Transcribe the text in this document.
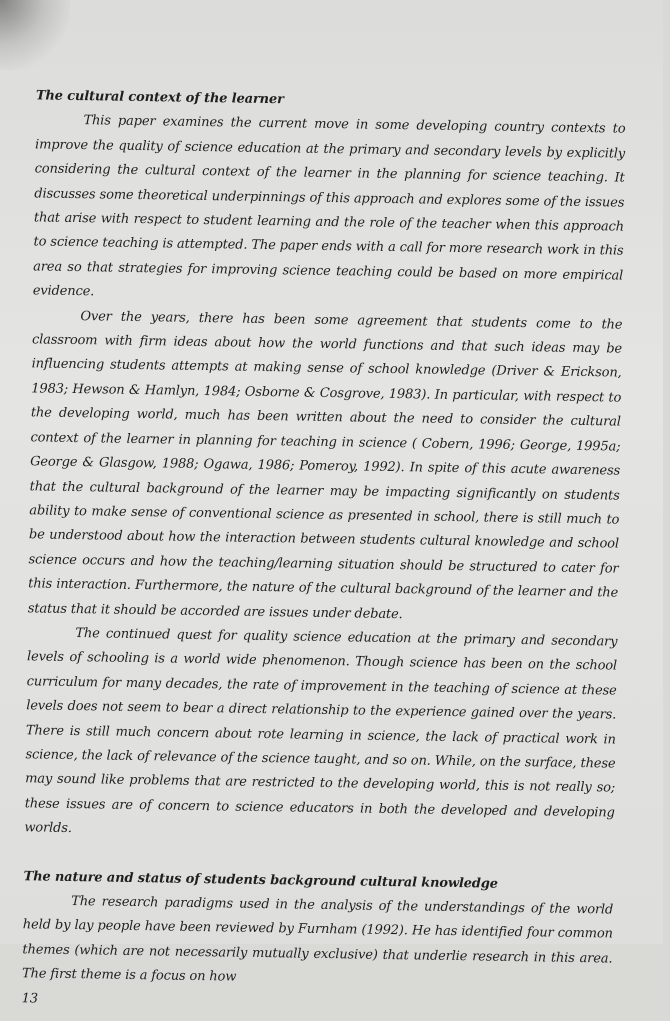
The cultural context of the learner

This paper examines the current move in some developing country contexts to improve the quality of science education at the primary and secondary levels by explicitly considering the cultural context of the learner in the planning for science teaching. It discusses some theoretical underpinnings of this approach and explores some of the issues that arise with respect to student learning and the role of the teacher when this approach to science teaching is attempted. The paper ends with a call for more research work in this area so that strategies for improving science teaching could be based on more empirical evidence.

Over the years, there has been some agreement that students come to the classroom with firm ideas about how the world functions and that such ideas may be influencing students attempts at making sense of school knowledge (Driver & Erickson, 1983; Hewson & Hamlyn, 1984; Osborne & Cosgrove, 1983). In particular, with respect to the developing world, much has been written about the need to consider the cultural context of the learner in planning for teaching in science ( Cobern, 1996; George, 1995a; George & Glasgow, 1988; Ogawa, 1986; Pomeroy, 1992). In spite of this acute awareness that the cultural background of the learner may be impacting significantly on students ability to make sense of conventional science as presented in school, there is still much to be understood about how the interaction between students cultural knowledge and school science occurs and how the teaching/learning situation should be structured to cater for this interaction. Furthermore, the nature of the cultural background of the learner and the status that it should be accorded are issues under debate.

The continued quest for quality science education at the primary and secondary levels of schooling is a world wide phenomenon. Though science has been on the school curriculum for many decades, the rate of improvement in the teaching of science at these levels does not seem to bear a direct relationship to the experience gained over the years. There is still much concern about rote learning in science, the lack of practical work in science, the lack of relevance of the science taught, and so on. While, on the surface, these may sound like problems that are restricted to the developing world, this is not really so; these issues are of concern to science educators in both the developed and developing worlds.

The nature and status of students background cultural knowledge

The research paradigms used in the analysis of the understandings of the world held by lay people have been reviewed by Furnham (1992). He has identified four common themes (which are not necessarily mutually exclusive) that underlie research in this area. The first theme is a focus on how

13
